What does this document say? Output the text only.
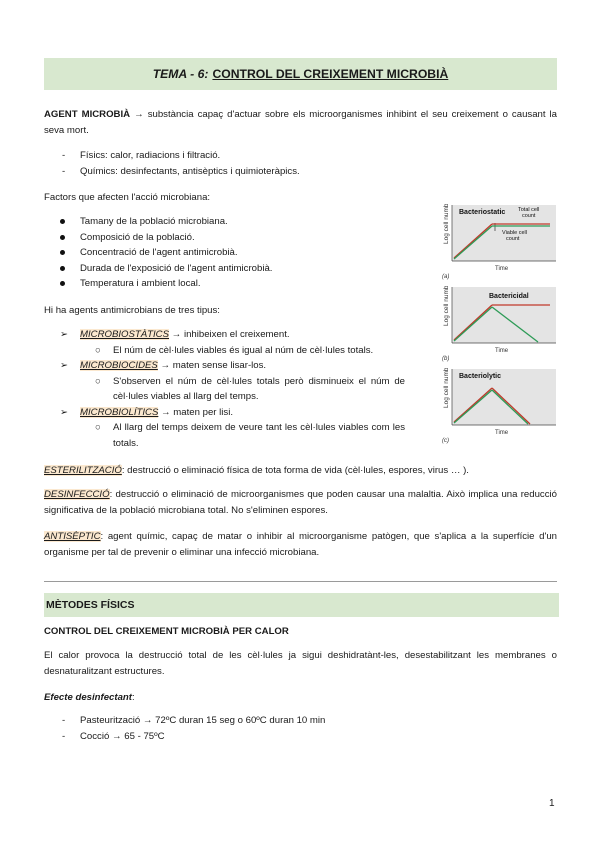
TEMA - 6: CONTROL DEL CREIXEMENT MICROBIÀ
AGENT MICROBIÀ → substància capaç d'actuar sobre els microorganismes inhibint el seu creixement o causant la seva mort.
-	Físics: calor, radiacions i filtració.
-	Químics: desinfectants, antisèptics i quimioteràpics.
Factors que afecten l'acció microbiana:
Tamany de la població microbiana.
Composició de la població.
Concentració de l'agent antimicrobià.
Durada de l'exposició de l'agent antimicrobià.
Temperatura i ambient local.
Hi ha agents antimicrobians de tres tipus:
➢	MICROBIOSTÀTICS → inhibeixen el creixement.
○	El núm de cèl·lules viables és igual al núm de cèl·lules totals.
➢	MICROBIOCIDES → maten sense lisar-los.
○	S'observen el núm de cèl·lules totals però disminueix el núm de cèl·lules viables al llarg del temps.
➢	MICROBIOLÍTICS → maten per lisi.
○	Al llarg del temps deixem de veure tant les cèl·lules viables com les totals.
Log cell number Bacteriostatic Total cell
count
Viable cell
count
Time
(a)
Log cell number	Bactericidal
Time
(b)
Log cell number Bacteriolytic
Time
(c)
ESTERILITZACIÓ: destrucció o eliminació física de tota forma de vida (cèl·lules, espores, virus … ).
DESINFECCIÓ: destrucció o eliminació de microorganismes que poden causar una malaltia. Això implica una reducció significativa de la població microbiana total. No s'eliminen espores.
ANTISÈPTIC: agent químic, capaç de matar o inhibir al microorganisme patògen, que s'aplica a la superfície d'un organisme per tal de prevenir o eliminar una infecció microbiana.
MÈTODES FÍSICS
CONTROL DEL CREIXEMENT MICROBIÀ PER CALOR
El calor provoca la destrucció total de les cèl·lules ja sigui deshidratànt-les, desestabilitzant les membranes o desnaturalitzant estructures.
Efecte desinfectant:
-	Pasteurització → 72ºC duran 15 seg o 60ºC duran 10 min
-	Cocció → 65 - 75ºC
1
